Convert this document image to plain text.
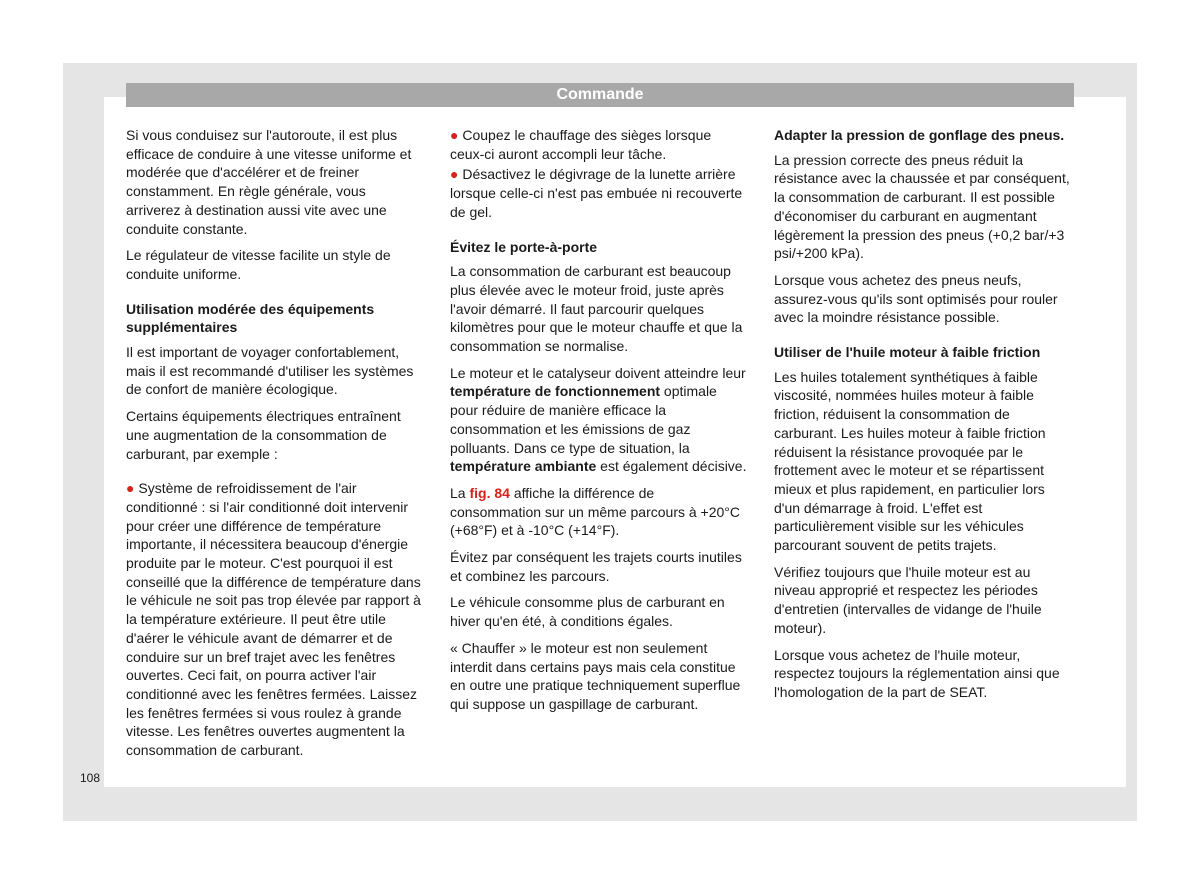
Commande

Si vous conduisez sur l'autoroute, il est plus efficace de conduire à une vitesse uniforme et modérée que d'accélérer et de freiner constamment. En règle générale, vous arriverez à destination aussi vite avec une conduite constante.

Le régulateur de vitesse facilite un style de conduite uniforme.

Utilisation modérée des équipements supplémentaires

Il est important de voyager confortablement, mais il est recommandé d'utiliser les systèmes de confort de manière écologique.

Certains équipements électriques entraînent une augmentation de la consommation de carburant, par exemple :

● Système de refroidissement de l'air conditionné : si l'air conditionné doit intervenir pour créer une différence de température importante, il nécessitera beaucoup d'énergie produite par le moteur. C'est pourquoi il est conseillé que la différence de température dans le véhicule ne soit pas trop élevée par rapport à la température extérieure. Il peut être utile d'aérer le véhicule avant de démarrer et de conduire sur un bref trajet avec les fenêtres ouvertes. Ceci fait, on pourra activer l'air conditionné avec les fenêtres fermées. Laissez les fenêtres fermées si vous roulez à grande vitesse. Les fenêtres ouvertes augmentent la consommation de carburant.

● Coupez le chauffage des sièges lorsque ceux-ci auront accompli leur tâche.

● Désactivez le dégivrage de la lunette arrière lorsque celle-ci n'est pas embuée ni recouverte de gel.

Évitez le porte-à-porte

La consommation de carburant est beaucoup plus élevée avec le moteur froid, juste après l'avoir démarré. Il faut parcourir quelques kilomètres pour que le moteur chauffe et que la consommation se normalise.

Le moteur et le catalyseur doivent atteindre leur température de fonctionnement optimale pour réduire de manière efficace la consommation et les émissions de gaz polluants. Dans ce type de situation, la température ambiante est également décisive.

La fig. 84 affiche la différence de consommation sur un même parcours à +20°C (+68°F) et à -10°C (+14°F).

Évitez par conséquent les trajets courts inutiles et combinez les parcours.

Le véhicule consomme plus de carburant en hiver qu'en été, à conditions égales.

« Chauffer » le moteur est non seulement interdit dans certains pays mais cela constitue en outre une pratique techniquement superflue qui suppose un gaspillage de carburant.

Adapter la pression de gonflage des pneus.

La pression correcte des pneus réduit la résistance avec la chaussée et par conséquent, la consommation de carburant. Il est possible d'économiser du carburant en augmentant légèrement la pression des pneus (+0,2 bar/+3 psi/+200 kPa).

Lorsque vous achetez des pneus neufs, assurez-vous qu'ils sont optimisés pour rouler avec la moindre résistance possible.

Utiliser de l'huile moteur à faible friction

Les huiles totalement synthétiques à faible viscosité, nommées huiles moteur à faible friction, réduisent la consommation de carburant. Les huiles moteur à faible friction réduisent la résistance provoquée par le frottement avec le moteur et se répartissent mieux et plus rapidement, en particulier lors d'un démarrage à froid. L'effet est particulièrement visible sur les véhicules parcourant souvent de petits trajets.

Vérifiez toujours que l'huile moteur est au niveau approprié et respectez les périodes d'entretien (intervalles de vidange de l'huile moteur).

Lorsque vous achetez de l'huile moteur, respectez toujours la réglementation ainsi que l'homologation de la part de SEAT.

108
